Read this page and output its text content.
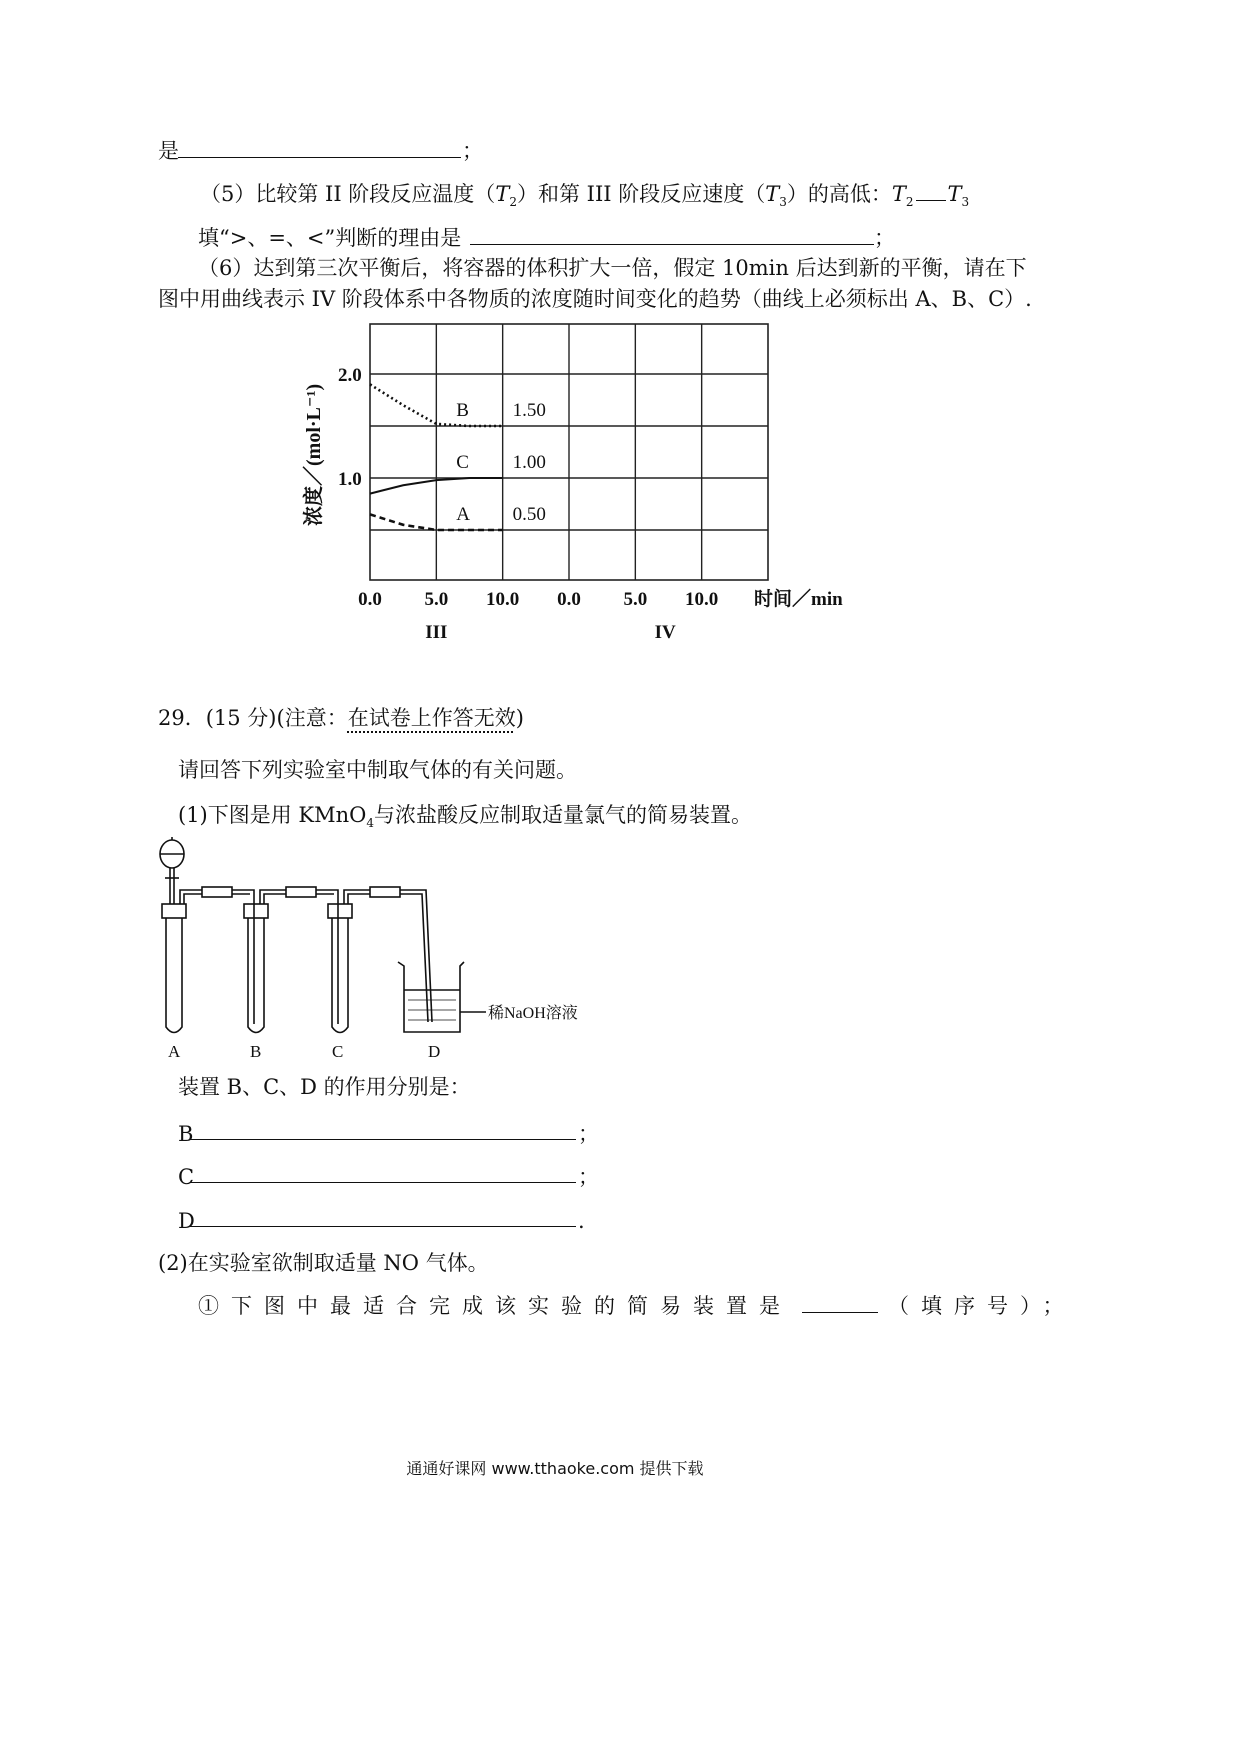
是	；
（5）比较第 II 阶段反应温度$(T_2)$和第 III 阶段反应速度$(T_3)$的高低：$T_2$ $T_3$
填“>、=、<”判断的理由是	；
（6）达到第三次平衡后，将容器的体积扩大一倍，假定 10min 后达到新的平衡，请在下
图中用曲线表示 IV 阶段体系中各物质的浓度随时间变化的趋势（曲线上必须标出 A、B、C）.
B 1.50
C 1.00
A 0.50
2.0
1.0
浓度／(mol·L⁻¹)
0.0 5.0 10.0 0.0 5.0 10.0 时间／min
III	IV
29．(15 分)(注意：在试卷上作答无效)
请回答下列实验室中制取气体的有关问题。
(1)下图是用 KMnO$_4$与浓盐酸反应制取适量氯气的简易装置。
稀NaOH溶液
A	B	C	D
装置 B、C、D 的作用分别是：
B	；
C	；
D	.
(2)在实验室欲制取适量 NO 气体。
①下图中最适合完成该实验的简易装置是	（填序号）；
通通好课网 www.tthaoke.com 提供下载
